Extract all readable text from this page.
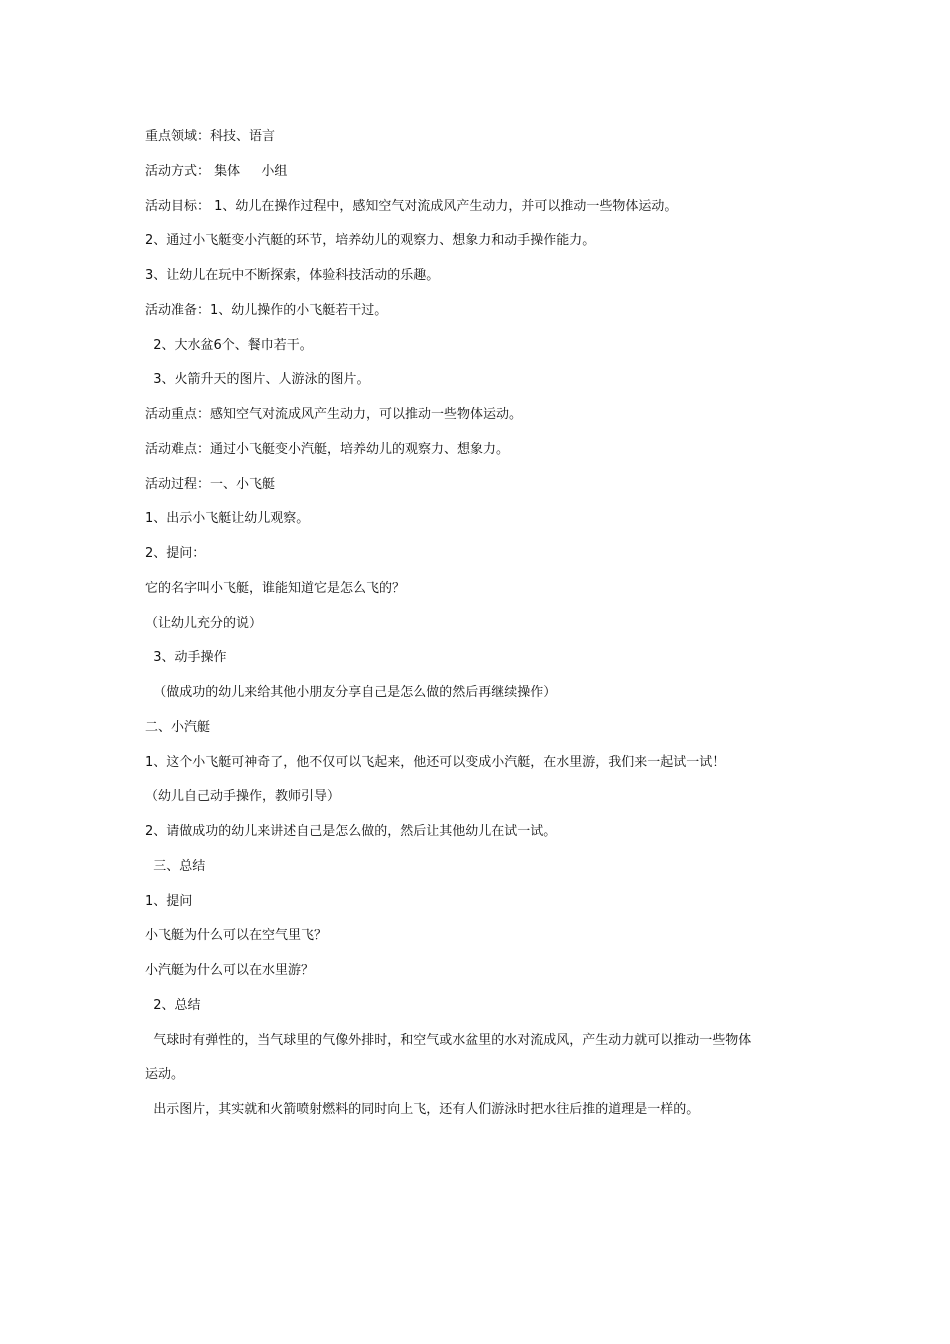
重点领域：科技、语言
活动方式： 集体 　 小组
活动目标： 1、幼儿在操作过程中，感知空气对流成风产生动力，并可以推动一些物体运动。
2、通过小飞艇变小汽艇的环节，培养幼儿的观察力、想象力和动手操作能力。
3、让幼儿在玩中不断探索，体验科技活动的乐趣。
活动准备：1、幼儿操作的小飞艇若干过。
2、大水盆6个、餐巾若干。
3、火箭升天的图片、人游泳的图片。
活动重点：感知空气对流成风产生动力，可以推动一些物体运动。
活动难点：通过小飞艇变小汽艇，培养幼儿的观察力、想象力。
活动过程：一、小飞艇
1、出示小飞艇让幼儿观察。
2、提问：
它的名字叫小飞艇，谁能知道它是怎么飞的？
（让幼儿充分的说）
3、动手操作
（做成功的幼儿来给其他小朋友分享自己是怎么做的然后再继续操作）
二、小汽艇
1、这个小飞艇可神奇了，他不仅可以飞起来，他还可以变成小汽艇，在水里游，我们来一起试一试！
（幼儿自己动手操作，教师引导）
2、请做成功的幼儿来讲述自己是怎么做的，然后让其他幼儿在试一试。
三、总结
1、提问
小飞艇为什么可以在空气里飞？
小汽艇为什么可以在水里游？
2、总结
气球时有弹性的，当气球里的气像外排时，和空气或水盆里的水对流成风，产生动力就可以推动一些物体
运动。
出示图片，其实就和火箭喷射燃料的同时向上飞，还有人们游泳时把水往后推的道理是一样的。
